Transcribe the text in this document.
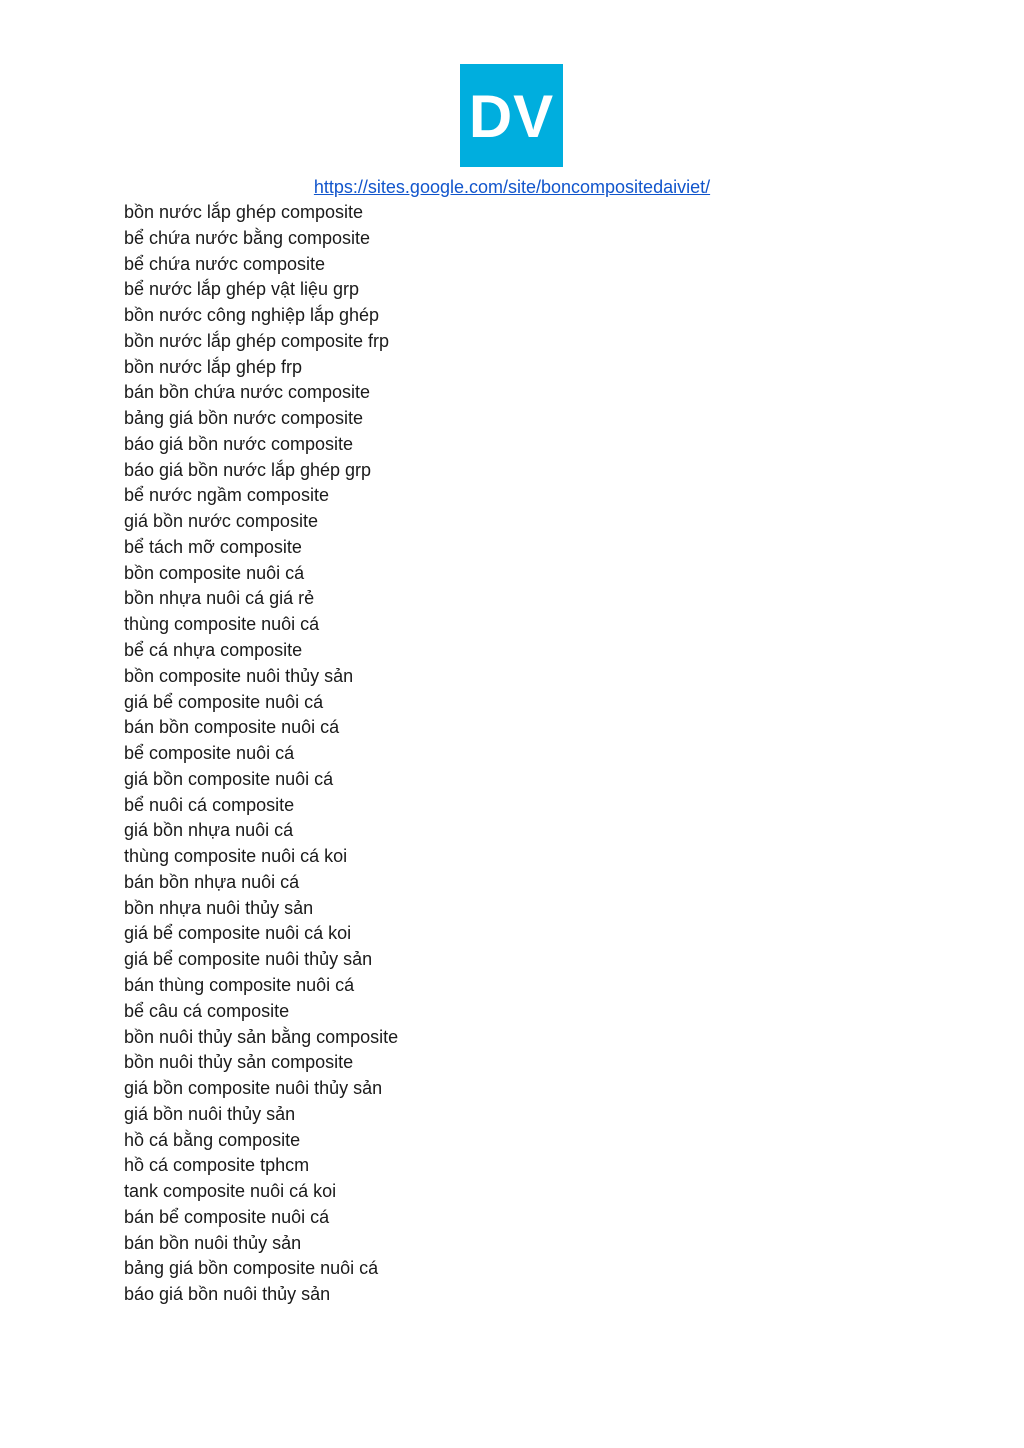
DV
https://sites.google.com/site/boncompositedaiviet/
bồn nước lắp ghép composite
bể chứa nước bằng composite
bể chứa nước composite
bể nước lắp ghép vật liệu grp
bồn nước công nghiệp lắp ghép
bồn nước lắp ghép composite frp
bồn nước lắp ghép frp
bán bồn chứa nước composite
bảng giá bồn nước composite
báo giá bồn nước composite
báo giá bồn nước lắp ghép grp
bể nước ngầm composite
giá bồn nước composite
bể tách mỡ composite
bồn composite nuôi cá
bồn nhựa nuôi cá giá rẻ
thùng composite nuôi cá
bể cá nhựa composite
bồn composite nuôi thủy sản
giá bể composite nuôi cá
bán bồn composite nuôi cá
bể composite nuôi cá
giá bồn composite nuôi cá
bể nuôi cá composite
giá bồn nhựa nuôi cá
thùng composite nuôi cá koi
bán bồn nhựa nuôi cá
bồn nhựa nuôi thủy sản
giá bể composite nuôi cá koi
giá bể composite nuôi thủy sản
bán thùng composite nuôi cá
bể câu cá composite
bồn nuôi thủy sản bằng composite
bồn nuôi thủy sản composite
giá bồn composite nuôi thủy sản
giá bồn nuôi thủy sản
hồ cá bằng composite
hồ cá composite tphcm
tank composite nuôi cá koi
bán bể composite nuôi cá
bán bồn nuôi thủy sản
bảng giá bồn composite nuôi cá
báo giá bồn nuôi thủy sản
